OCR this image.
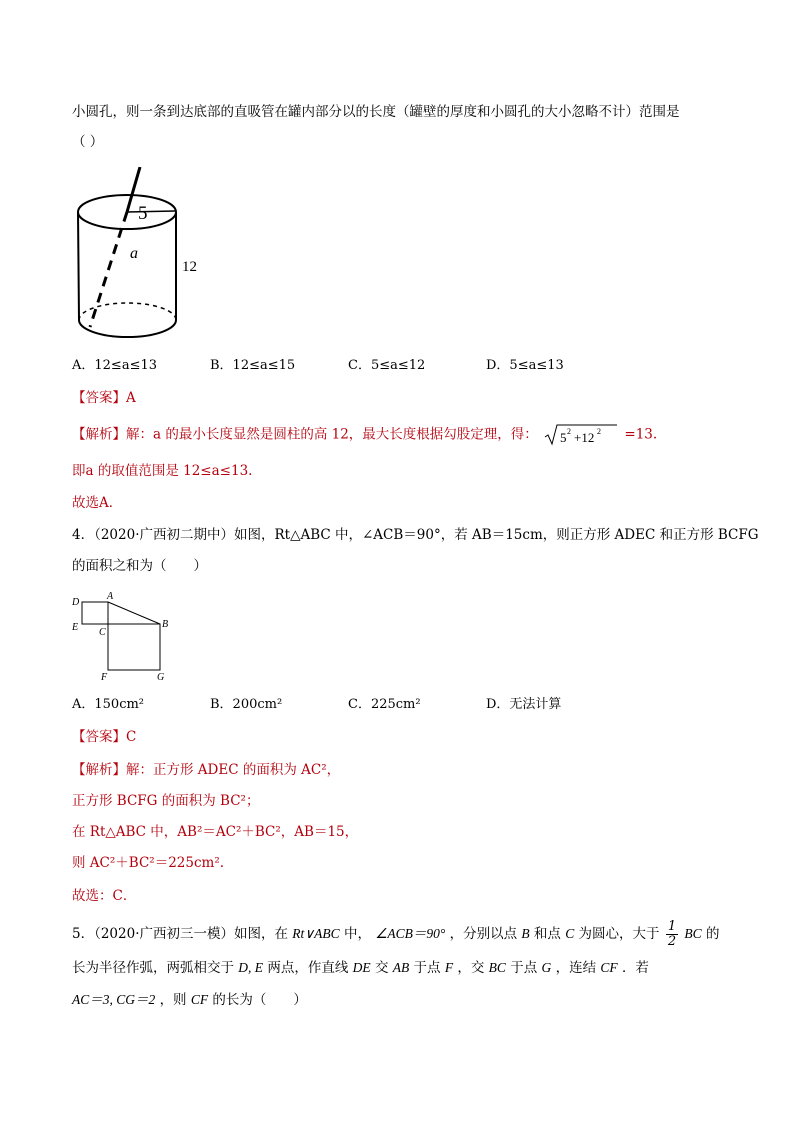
小圆孔，则一条到达底部的直吸管在罐内部分以的长度（罐壁的厚度和小圆孔的大小忽略不计）范围是
（ ）
5
a
12
A．12≤a≤13	B．12≤a≤15	C．5≤a≤12	D．5≤a≤13
【答案】A
【解析】解：a 的最小长度显然是圆柱的高 12，最大长度根据勾股定理，得： 5 2 +12 2 =13.
即a 的取值范围是 12≤a≤13.
故选A．
4．（2020·广西初二期中）如图，Rt△ABC 中，∠ACB＝90°，若 AB＝15cm，则正方形 ADEC 和正方形 BCFG
的面积之和为（　　）
D
A
E C
B
F	G
A．150cm²	B．200cm²	C．225cm²	D．无法计算
【答案】C
【解析】解：正方形 ADEC 的面积为 AC²，
正方形 BCFG 的面积为 BC²；
在 Rt△ABC 中，AB²＝AC²＋BC²，AB＝15，
则 AC²＋BC²＝225cm².
故选：C．
5．（2020·广西初三一模）如图，在 Rt∨ABC 中， ∠ACB＝90° ，分别以点 B 和点 C 为圆心，大于 $\frac{1}{2}$ BC 的
长为半径作弧，两弧相交于 D, E 两点，作直线 DE 交 AB 于点 F ，交 BC 于点 G ，连结 CF ．若
AC＝3, CG＝2 ，则 CF 的长为（　　）
